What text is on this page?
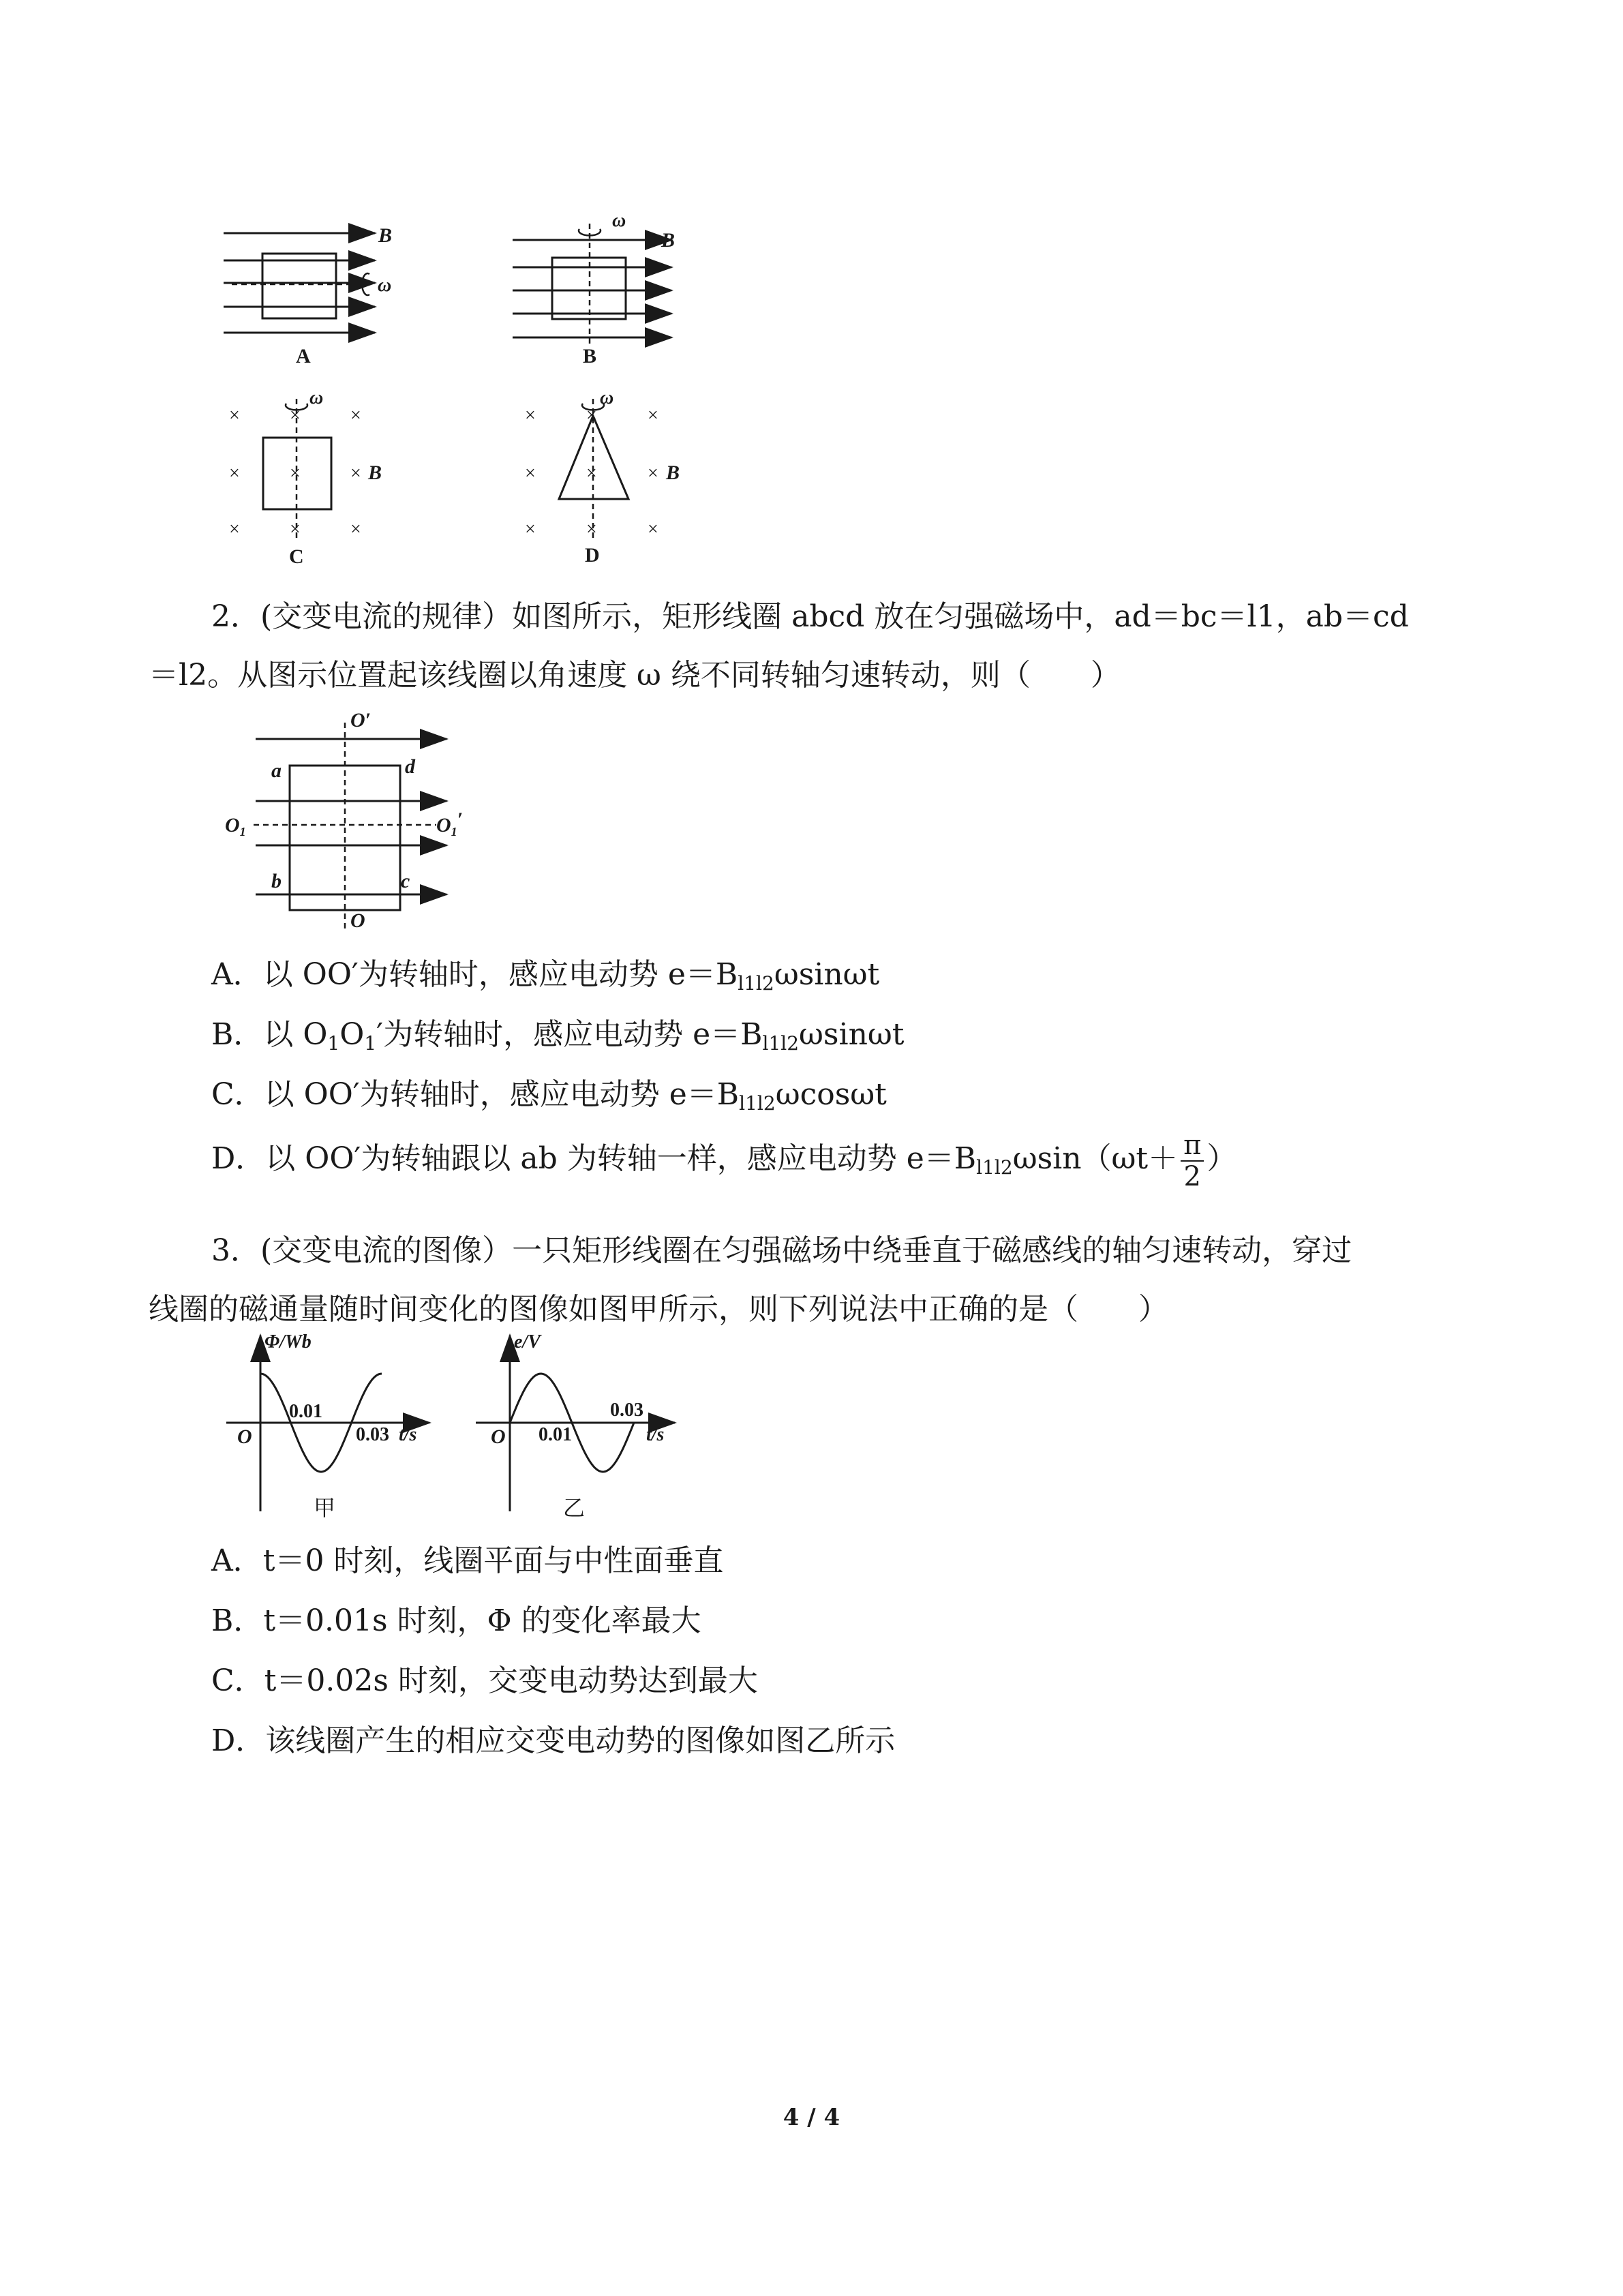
B
ω
A
ω
B
B
×	×	×
×	×	×
×	×	×
ω
B
C
×	×	×
×	×	×
×	×	×
ω
B
D
2．(交变电流的规律）如图所示，矩形线圈 abcd 放在匀强磁场中，ad＝bc＝l1，ab＝cd
＝l2。从图示位置起该线圈以角速度 ω 绕不同转轴匀速转动，则（　　）
O′
O
$O_1$	$O_1'$
a	d
b	c
A．以 OO′为转轴时，感应电动势 $e=B_{l1l2}\omega\sin\omega t$
B．以 $O_1O_1'$为转轴时，感应电动势 $e=B_{l1l2}\omega\sin\omega t$
C．以 OO′为转轴时，感应电动势 $e=B_{l1l2}\omega\cos\omega t$
D．以 OO′为转轴跟以 ab 为转轴一样，感应电动势 $e=B_{l1l2}\omega\sin(\omega t+ \frac{\pi}{2}$ ）
3．(交变电流的图像）一只矩形线圈在匀强磁场中绕垂直于磁感线的轴匀速转动，穿过
线圈的磁通量随时间变化的图像如图甲所示，则下列说法中正确的是（　　）
Φ/Wb
O
0.01
0.03 t/s
甲
e/V
O 0.01
0.03
t/s
乙
A．t＝0 时刻，线圈平面与中性面垂直
B．t＝0.01s 时刻，Φ 的变化率最大
C．t＝0.02s 时刻，交变电动势达到最大
D．该线圈产生的相应交变电动势的图像如图乙所示
4 / 4
